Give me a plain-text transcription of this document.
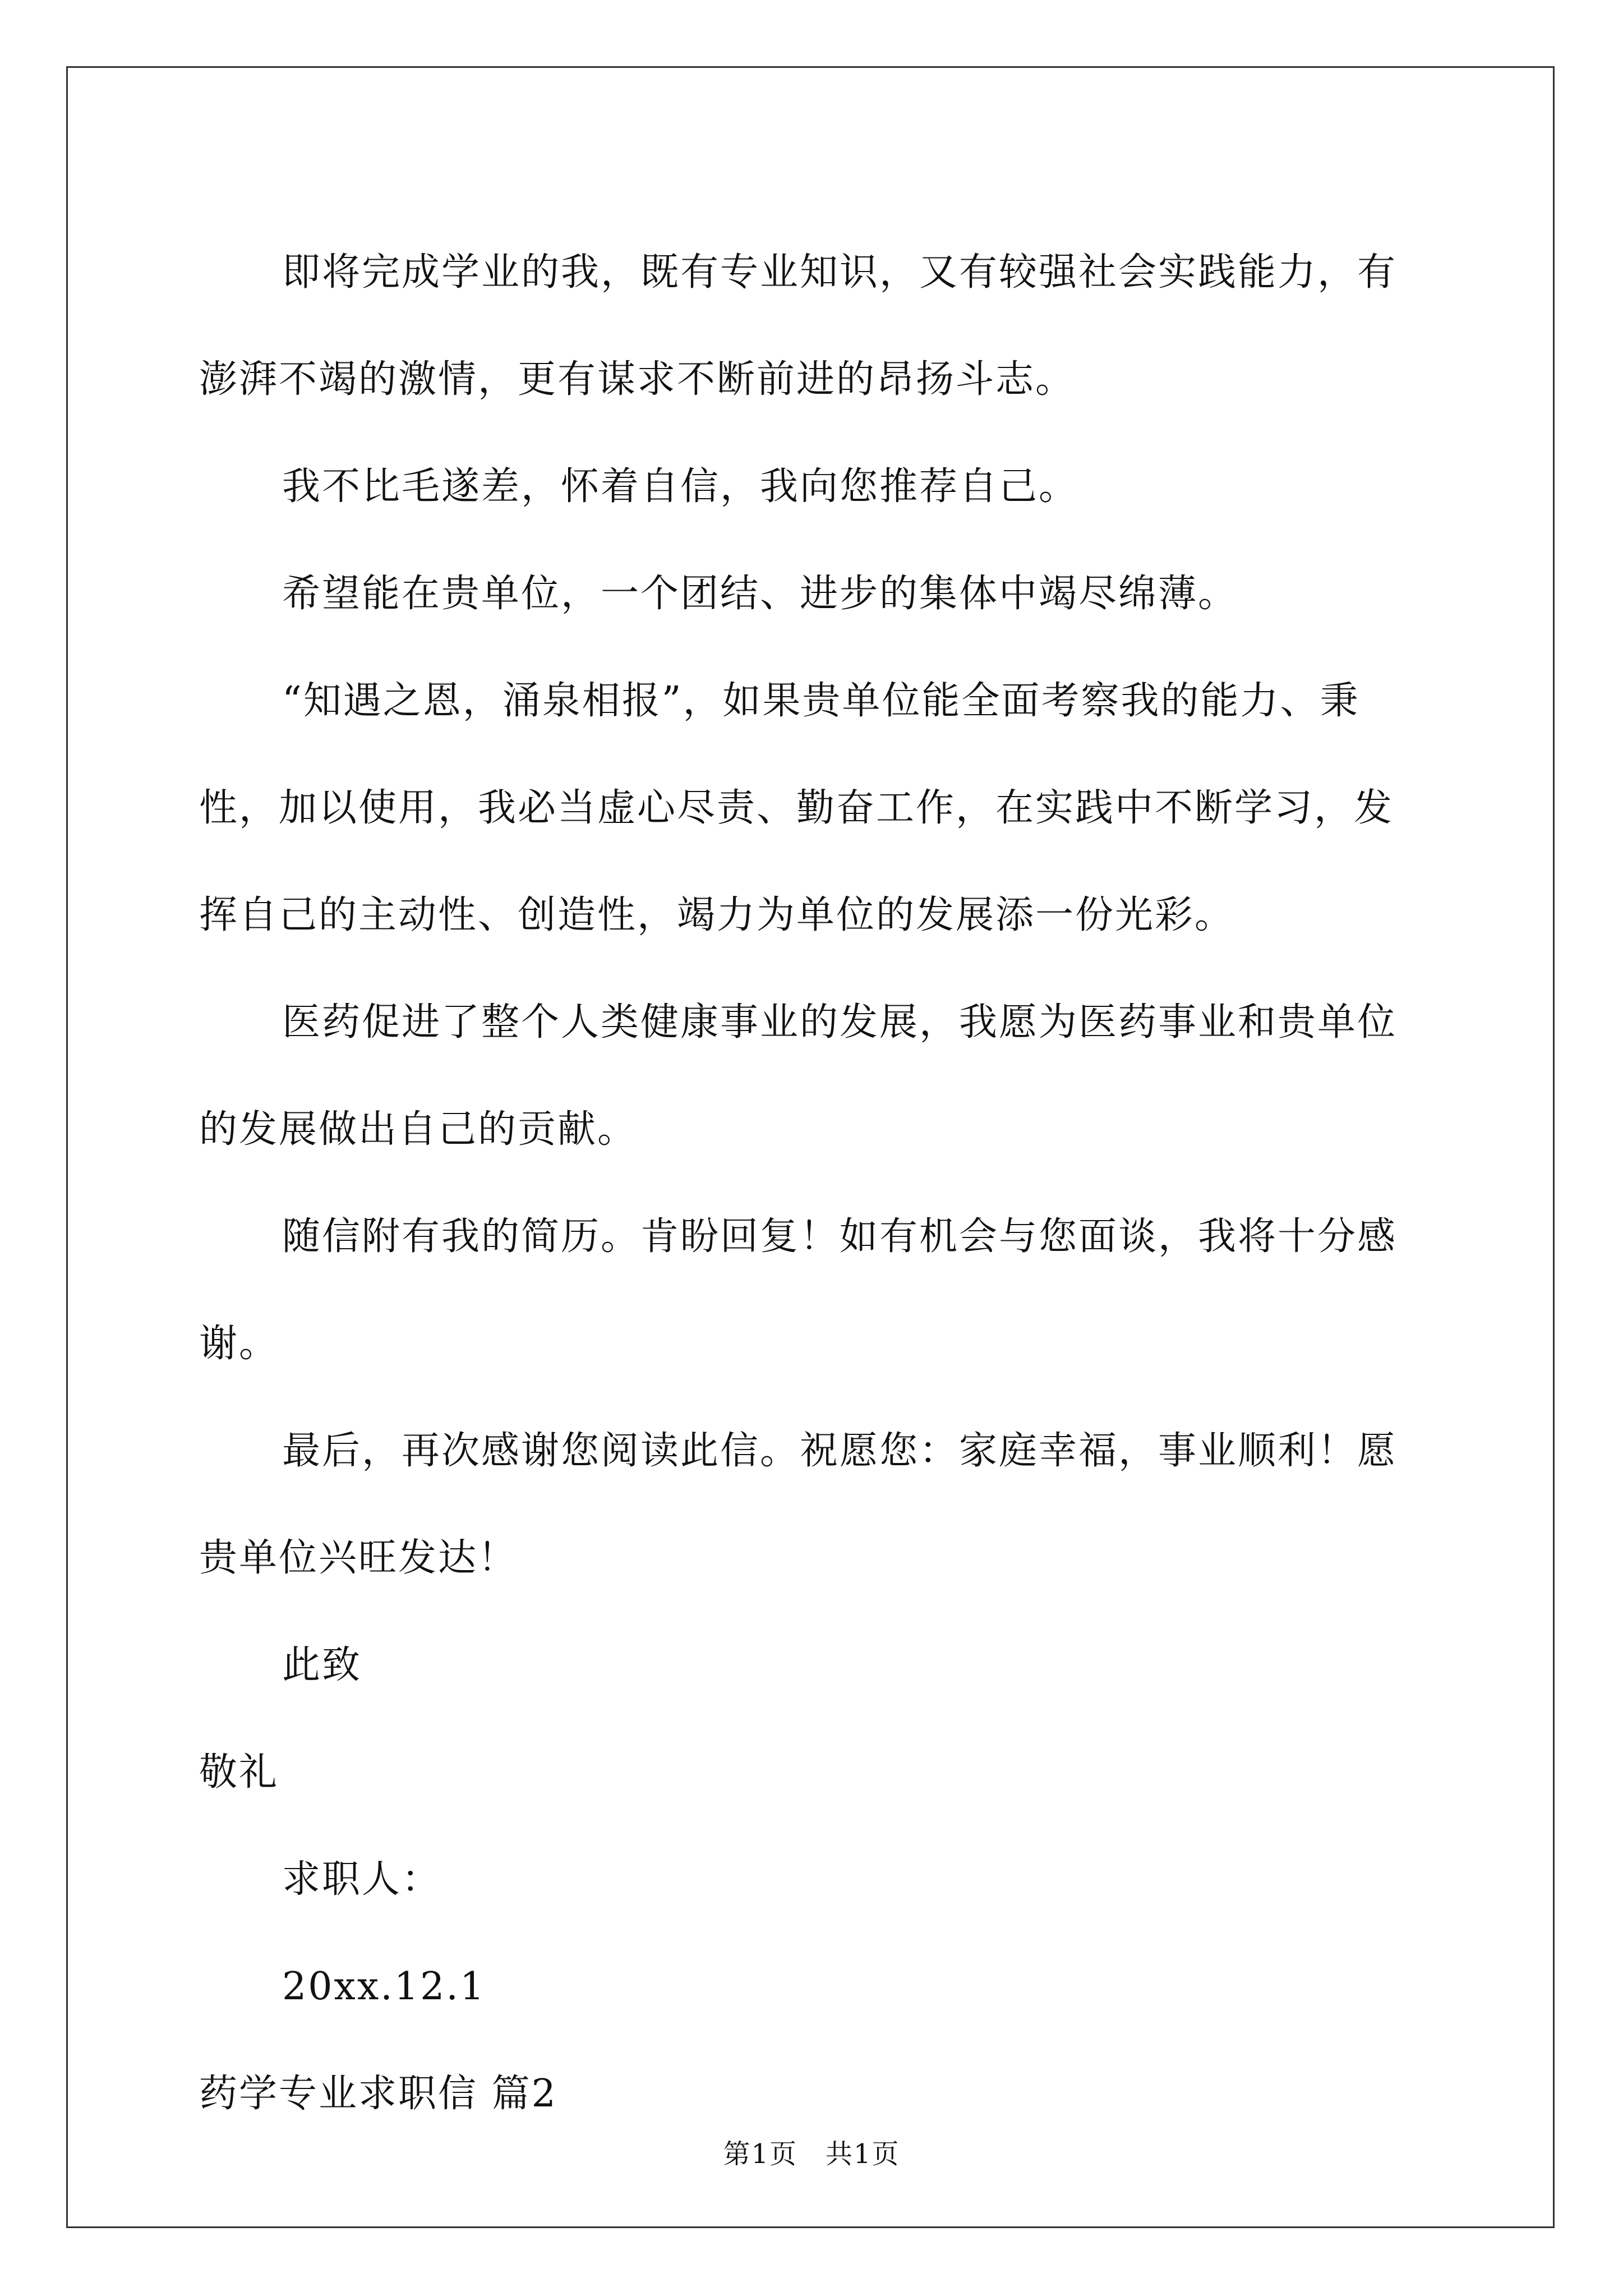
即将完成学业的我，既有专业知识，又有较强社会实践能力，有澎湃不竭的激情，更有谋求不断前进的昂扬斗志。

我不比毛遂差，怀着自信，我向您推荐自己。

希望能在贵单位，一个团结、进步的集体中竭尽绵薄。

“知遇之恩，涌泉相报”，如果贵单位能全面考察我的能力、秉性，加以使用，我必当虚心尽责、勤奋工作，在实践中不断学习，发挥自己的主动性、创造性，竭力为单位的发展添一份光彩。

医药促进了整个人类健康事业的发展，我愿为医药事业和贵单位的发展做出自己的贡献。

随信附有我的简历。肯盼回复！如有机会与您面谈，我将十分感谢。

最后，再次感谢您阅读此信。祝愿您：家庭幸福，事业顺利！愿贵单位兴旺发达！

此致

敬礼

求职人：

20xx.12.1

药学专业求职信 篇2

第1页　共1页
